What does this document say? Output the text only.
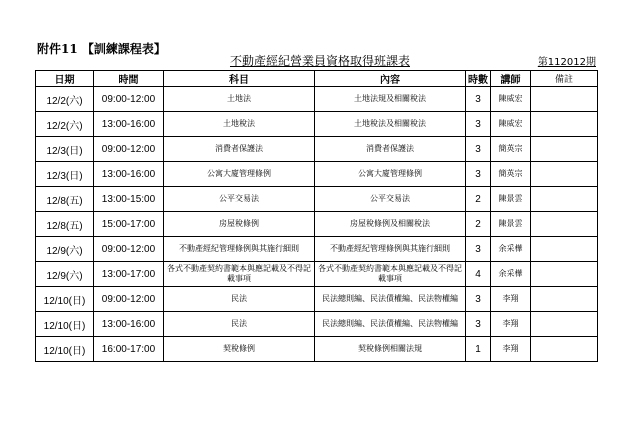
附件11 【訓練課程表】
不動產經紀營業員資格取得班課表	第112012期
日期	時間	科目	內容	時數	講師	備註
12/2(六)	09:00-12:00	土地法	土地法規及相關稅法	3	陳威宏	
12/2(六)	13:00-16:00	土地稅法	土地稅法及相關稅法	3	陳威宏	
12/3(日)	09:00-12:00	消費者保護法	消費者保護法	3	簡英宗	
12/3(日)	13:00-16:00	公寓大廈管理條例	公寓大廈管理條例	3	簡英宗	
12/8(五)	13:00-15:00	公平交易法	公平交易法	2	陳景雲	
12/8(五)	15:00-17:00	房屋稅條例	房屋稅條例及相關稅法	2	陳景雲	
12/9(六)	09:00-12:00	不動產經紀管理條例與其施行細則	不動產經紀管理條例與其施行細則	3	余采樺	
12/9(六)	13:00-17:00	各式不動產契約書範本與應記載及不得記載事項	各式不動產契約書範本與應記載及不得記載事項	4	余采樺	
12/10(日)	09:00-12:00	民法	民法總則編、民法債權編、民法物權編	3	李翔	
12/10(日)	13:00-16:00	民法	民法總則編、民法債權編、民法物權編	3	李翔	
12/10(日)	16:00-17:00	契稅條例	契稅條例相關法規	1	李翔	
